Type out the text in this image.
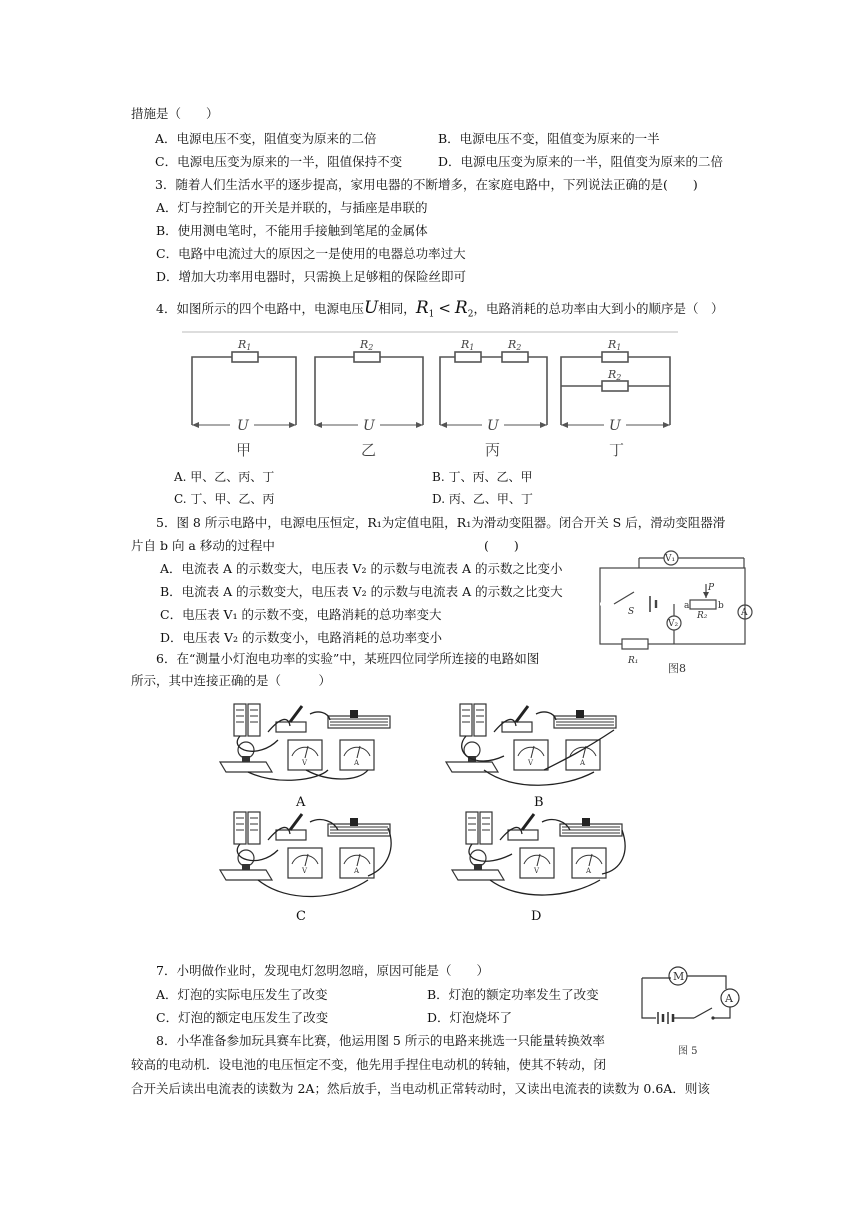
措施是（　　）
A．电源电压不变，阻值变为原来的二倍	B．电源电压不变，阻值变为原来的一半
C．电源电压变为原来的一半，阻值保持不变	D．电源电压变为原来的一半，阻值变为原来的二倍
3．随着人们生活水平的逐步提高，家用电器的不断增多，在家庭电路中，下列说法正确的是(　　)
A．灯与控制它的开关是并联的，与插座是串联的
B．使用测电笔时，不能用手接触到笔尾的金属体
C．电路中电流过大的原因之一是使用的电器总功率过大
D．增加大功率用电器时，只需换上足够粗的保险丝即可
4．如图所示的四个电路中，电源电压U相同，$R_1 < R_2$，电路消耗的总功率由大到小的顺序是（　）
R1	R2	R1	R2	R1
R2
U	U	U	U
甲	乙	丙	丁
A. 甲、乙、丙、丁	B. 丁、丙、乙、甲
C. 丁、甲、乙、丙	D. 丙、乙、甲、丁
5．图 8 所示电路中，电源电压恒定，R₁为定值电阻，R₁为滑动变阻器。闭合开关 S 后，滑动变阻器滑
片自 b 向 a 移动的过程中	(　　)
A．电流表 A 的示数变大，电压表 V₂ 的示数与电流表 A 的示数之比变小
B．电流表 A 的示数变大，电压表 V₂ 的示数与电流表 A 的示数之比变大
C．电压表 V₁ 的示数不变，电路消耗的总功率变大
D．电压表 V₂ 的示数变小，电路消耗的总功率变小
V₁
A
V₂
S
P
a	b
R₂
R₁
图8
6．在“测量小灯泡电功率的实验”中，某班四位同学所连接的电路如图
所示，其中连接正确的是（　　　）
A	B
C	D
7．小明做作业时，发现电灯忽明忽暗，原因可能是（　　）
A．灯泡的实际电压发生了改变	B．灯泡的额定功率发生了改变
C．灯泡的额定电压发生了改变	D．灯泡烧坏了
M
A
图 5
8．小华准备参加玩具赛车比赛，他运用图 5 所示的电路来挑选一只能量转换效率
较高的电动机．设电池的电压恒定不变，他先用手捏住电动机的转轴，使其不转动，闭
合开关后读出电流表的读数为 2A；然后放手，当电动机正常转动时，又读出电流表的读数为 0.6A．则该
